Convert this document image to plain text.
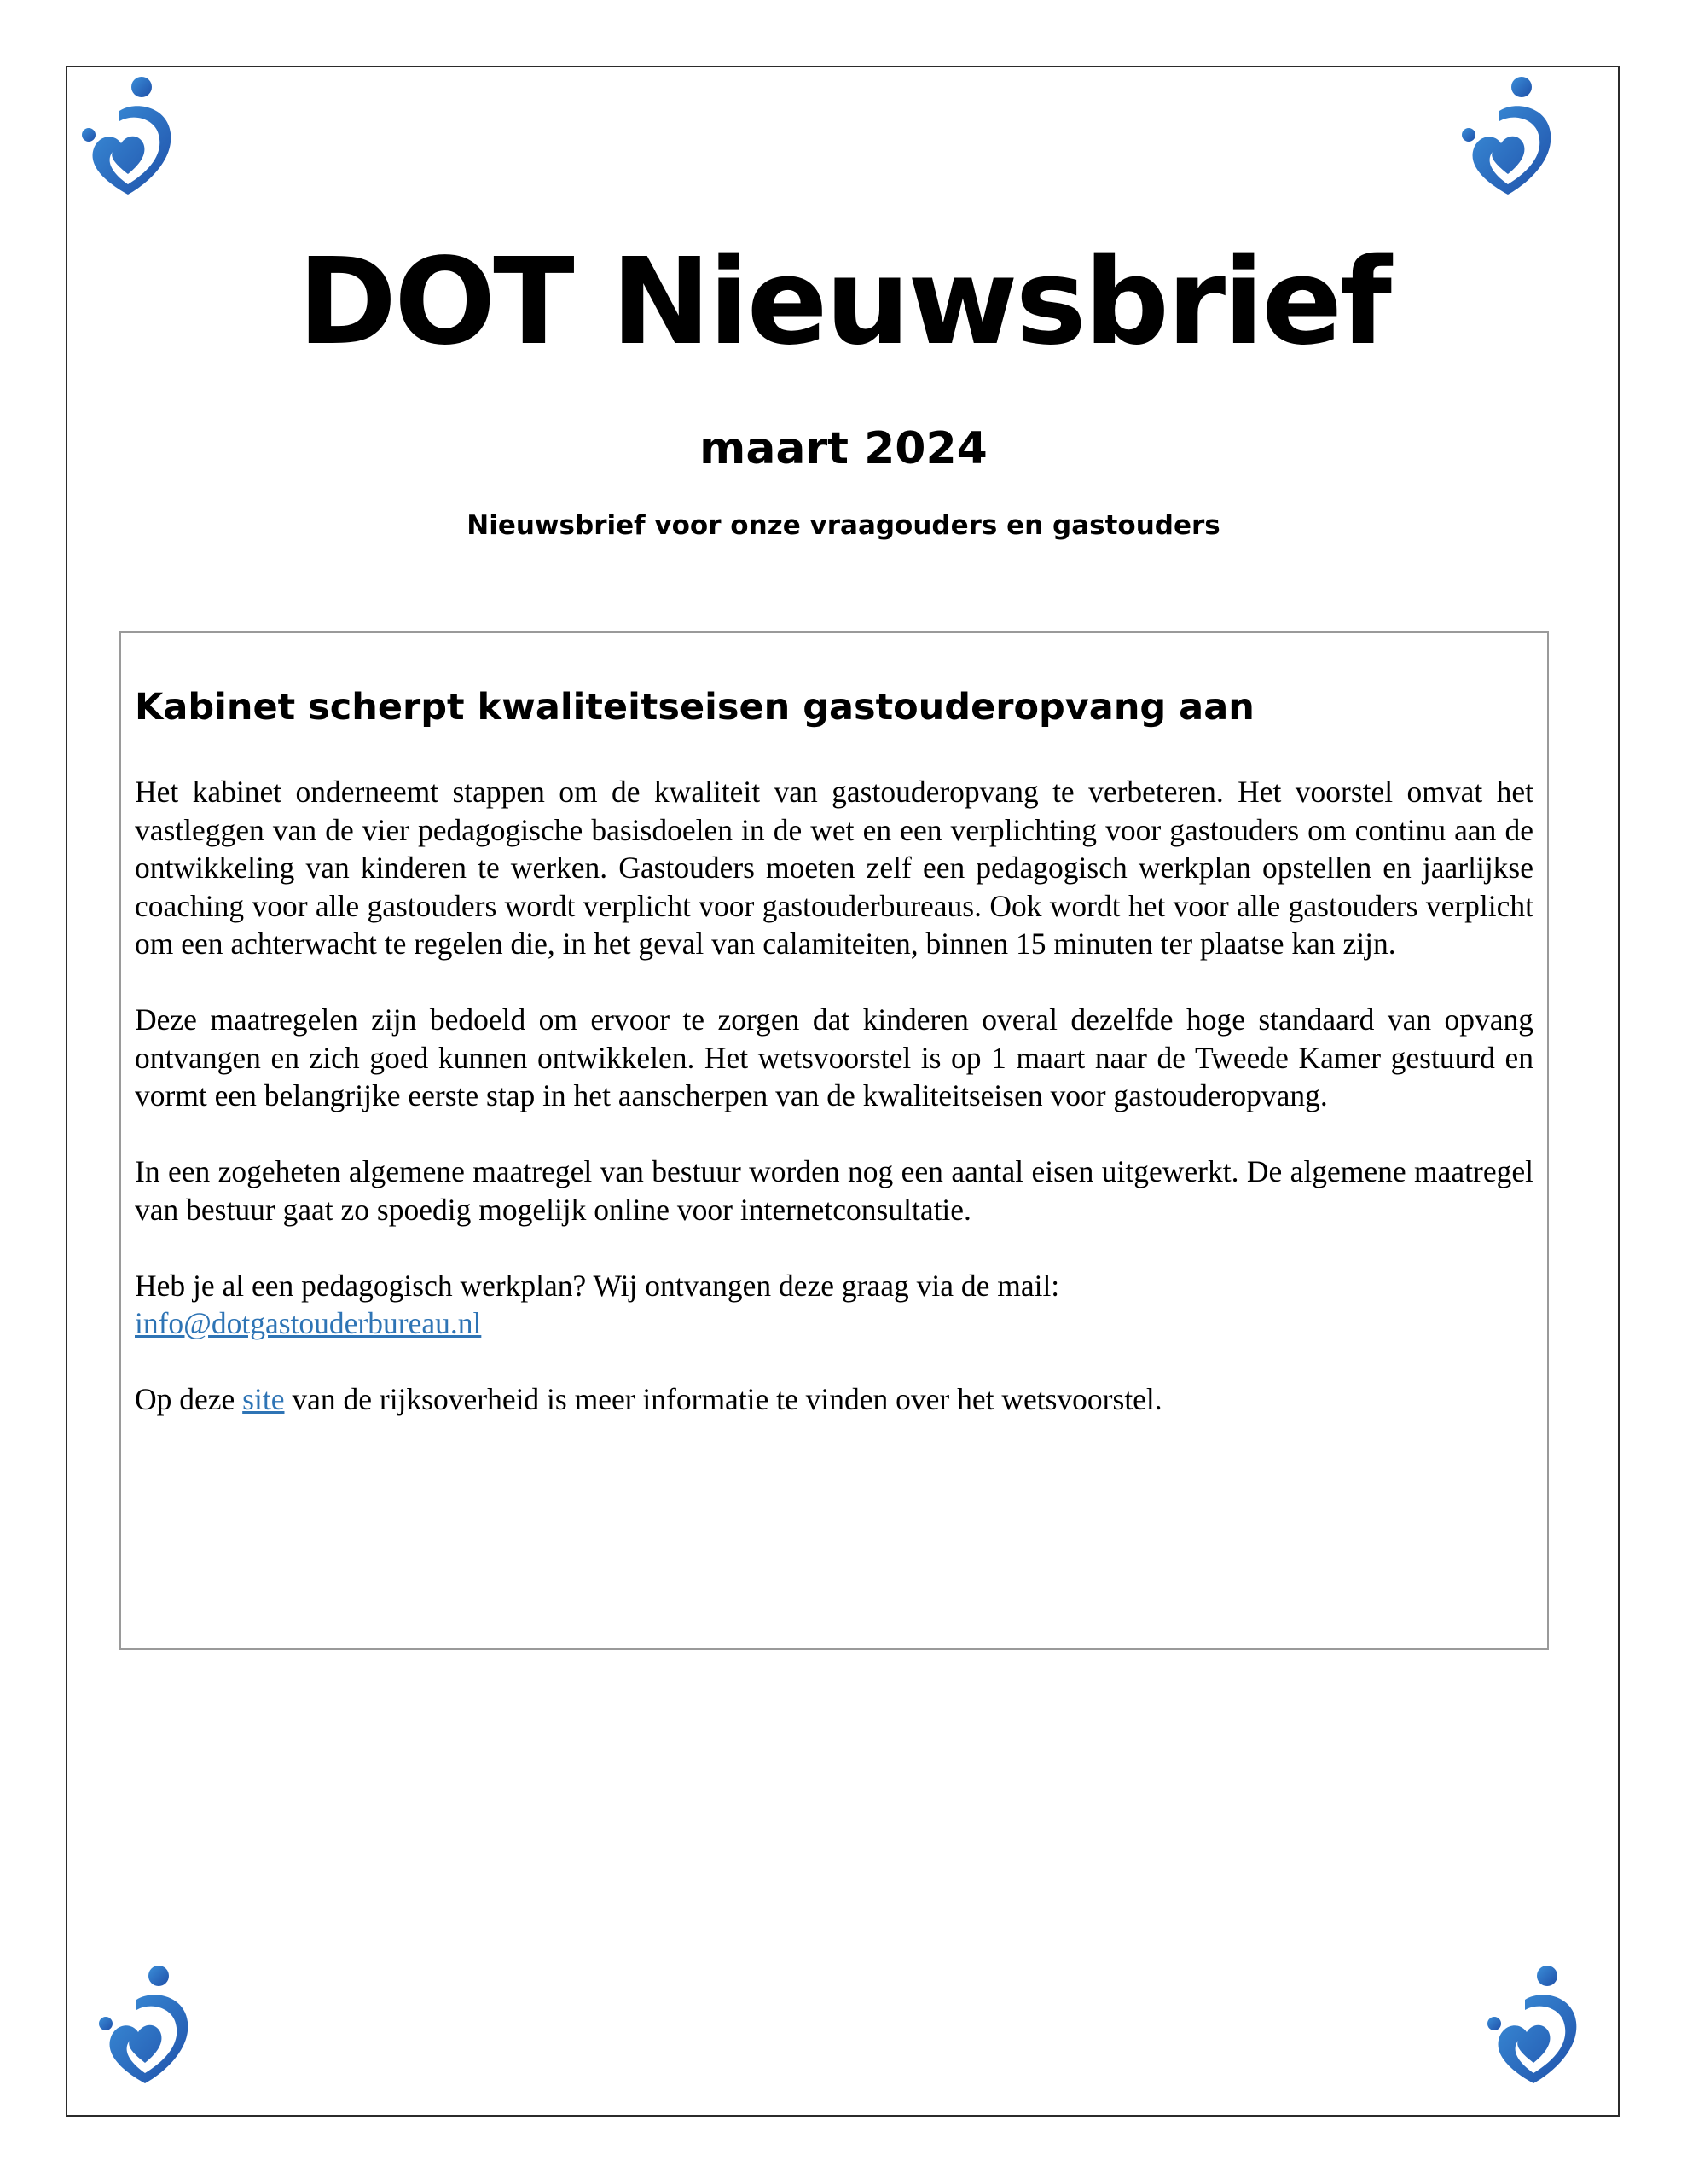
DOT Nieuwsbrief
maart 2024
Nieuwsbrief voor onze vraagouders en gastouders
Kabinet scherpt kwaliteitseisen gastouderopvang aan

Het kabinet onderneemt stappen om de kwaliteit van gastouderopvang te verbeteren. Het voorstel omvat het vastleggen van de vier pedagogische basisdoelen in de wet en een verplichting voor gastouders om continu aan de ontwikkeling van kinderen te werken. Gastouders moeten zelf een pedagogisch werkplan opstellen en jaarlijkse coaching voor alle gastouders wordt verplicht voor gastouderbureaus. Ook wordt het voor alle gastouders verplicht om een achterwacht te regelen die, in het geval van calamiteiten, binnen 15 minuten ter plaatse kan zijn.

Deze maatregelen zijn bedoeld om ervoor te zorgen dat kinderen overal dezelfde hoge standaard van opvang ontvangen en zich goed kunnen ontwikkelen. Het wetsvoorstel is op 1 maart naar de Tweede Kamer gestuurd en vormt een belangrijke eerste stap in het aanscherpen van de kwaliteitseisen voor gastouderopvang.

In een zogeheten algemene maatregel van bestuur worden nog een aantal eisen uitgewerkt. De algemene maatregel van bestuur gaat zo spoedig mogelijk online voor internetconsultatie.

Heb je al een pedagogisch werkplan? Wij ontvangen deze graag via de mail:
info@dotgastouderbureau.nl

Op deze site van de rijksoverheid is meer informatie te vinden over het wetsvoorstel.
